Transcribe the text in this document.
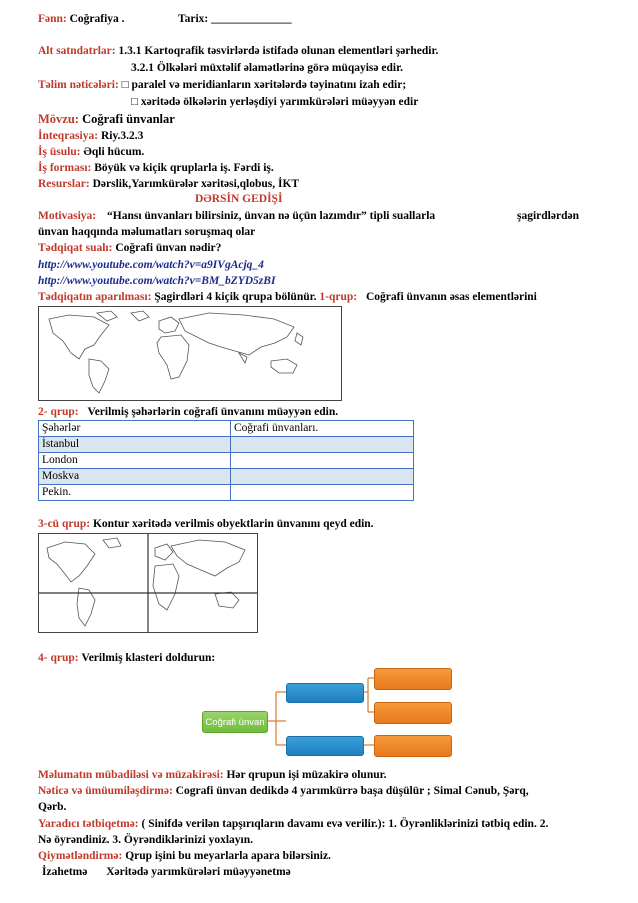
Fənn: Coğrafiya .	Tarix: ______________
Alt satndatrlar: 1.3.1 Kartoqrafik təsvirlərdə istifadə olunan elementləri şərhedir.
3.2.1 Ölkələri müxtəlif əlamətlərinə görə müqayisə edir.
Təlim nəticələri: □ paralel və meridianların xəritələrdə təyinatını izah edir;
□ xəritədə ölkələrin yerləşdiyi yarımkürələri müəyyən edir
Mövzu: Coğrafi ünvanlar
İnteqrasiya: Riy.3.2.3
İş üsulu: Əqli hücum.
İş forması: Böyük və kiçik qruplarla iş. Fərdi iş.
Resurslar: Dərslik,Yarımkürələr xəritəsi,qlobus, İKT
DƏRSİN GEDİŞİ
Motivasiya: “Hansı ünvanları bilirsiniz, ünvan nə üçün lazımdır” tipli suallarla	şagirdlərdən
ünvan haqqında məlumatları soruşmaq olar
Tədqiqat sualı: Coğrafi ünvan nədir?
http://www.youtube.com/watch?v=a9IVgAcjq_4
http://www.youtube.com/watch?v=BM_bZYD5zBI
Tədqiqatın aparılması: Şagirdləri 4 kiçik qrupa bölünür. 1-qrup: Coğrafi ünvanın əsas elementlərini
2- qrup: Verilmiş şəhərlərin coğrafi ünvanını müəyyən edin.
Şəhərlər	Coğrafi ünvanları.
İstanbul	
London	
Moskva	
Pekin.	
3-cü qrup: Kontur xəritədə verilmis obyektlarin ünvanını qeyd edin.
4- qrup: Verilmiş klasteri doldurun:
Coğrafi ünvan
Məlumatın mübadiləsi və müzakirəsi: Hər qrupun işi müzakirə olunur.
Nəticə və ümüumiləşdirmə: Cografi ünvan dedikdə 4 yarımkürrə başa düşülür ; Simal Cənub, Şərq,
Qərb.
Yaradıcı tətbiqetmə: ( Sinifdə verilən tapşırıqların davamı evə verilir.): 1. Öyrənliklərinizi tətbiq edin. 2.
Nə öyrəndiniz. 3. Öyrəndiklərinizi yoxlayın.
Qiymətləndirmə: Qrup işini bu meyarlarla apara bilərsiniz.
İzahetmə Xəritədə yarımkürələri müəyyənetmə
